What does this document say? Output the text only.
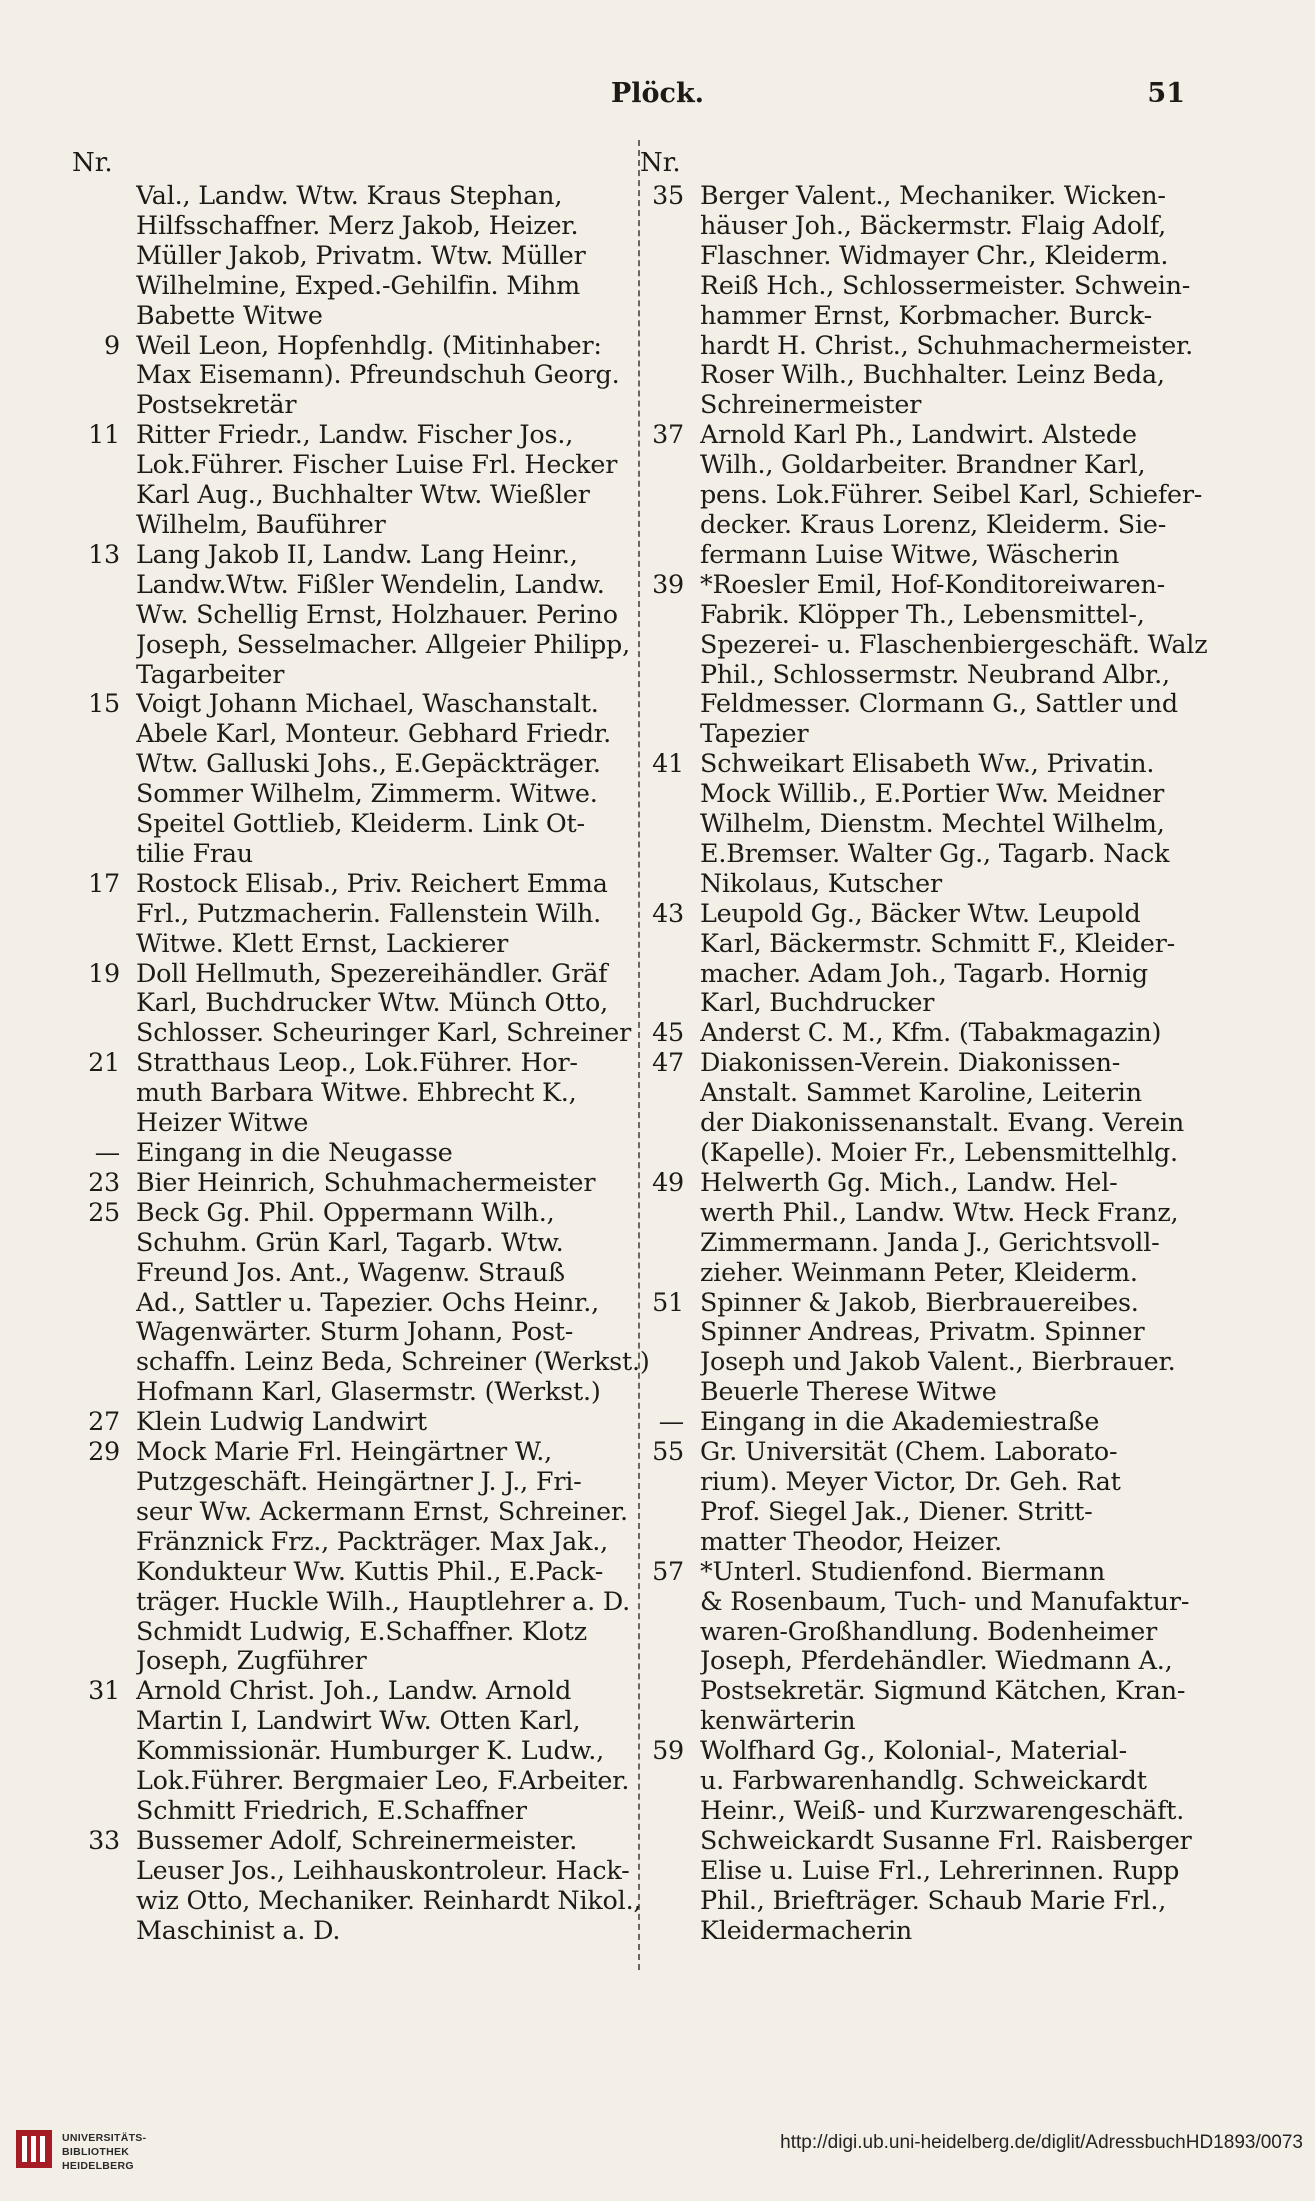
Plöck.	51
Nr.
Val., Landw. Wtw. Kraus Stephan,
Hilfsschaffner. Merz Jakob, Heizer.
Müller Jakob, Privatm. Wtw. Müller
Wilhelmine, Exped.-Gehilfin. Mihm
Babette Witwe
9 Weil Leon, Hopfenhdlg. (Mitinhaber:
Max Eisemann). Pfreundschuh Georg.
Postsekretär
11 Ritter Friedr., Landw. Fischer Jos.,
Lok.Führer. Fischer Luise Frl. Hecker
Karl Aug., Buchhalter Wtw. Wießler
Wilhelm, Bauführer
13 Lang Jakob II, Landw. Lang Heinr.,
Landw.Wtw. Fißler Wendelin, Landw.
Ww. Schellig Ernst, Holzhauer. Perino
Joseph, Sesselmacher. Allgeier Philipp,
Tagarbeiter
15 Voigt Johann Michael, Waschanstalt.
Abele Karl, Monteur. Gebhard Friedr.
Wtw. Galluski Johs., E.Gepäckträger.
Sommer Wilhelm, Zimmerm. Witwe.
Speitel Gottlieb, Kleiderm. Link Ot-
tilie Frau
17 Rostock Elisab., Priv. Reichert Emma
Frl., Putzmacherin. Fallenstein Wilh.
Witwe. Klett Ernst, Lackierer
19 Doll Hellmuth, Spezereihändler. Gräf
Karl, Buchdrucker Wtw. Münch Otto,
Schlosser. Scheuringer Karl, Schreiner
21 Stratthaus Leop., Lok.Führer. Hor-
muth Barbara Witwe. Ehbrecht K.,
Heizer Witwe
— Eingang in die Neugasse
23 Bier Heinrich, Schuhmachermeister
25 Beck Gg. Phil. Oppermann Wilh.,
Schuhm. Grün Karl, Tagarb. Wtw.
Freund Jos. Ant., Wagenw. Strauß
Ad., Sattler u. Tapezier. Ochs Heinr.,
Wagenwärter. Sturm Johann, Post-
schaffn. Leinz Beda, Schreiner (Werkst.)
Hofmann Karl, Glasermstr. (Werkst.)
27 Klein Ludwig Landwirt
29 Mock Marie Frl. Heingärtner W.,
Putzgeschäft. Heingärtner J. J., Fri-
seur Ww. Ackermann Ernst, Schreiner.
Fränznick Frz., Packträger. Max Jak.,
Kondukteur Ww. Kuttis Phil., E.Pack-
träger. Huckle Wilh., Hauptlehrer a. D.
Schmidt Ludwig, E.Schaffner. Klotz
Joseph, Zugführer
31 Arnold Christ. Joh., Landw. Arnold
Martin I, Landwirt Ww. Otten Karl,
Kommissionär. Humburger K. Ludw.,
Lok.Führer. Bergmaier Leo, F.Arbeiter.
Schmitt Friedrich, E.Schaffner
33 Bussemer Adolf, Schreinermeister.
Leuser Jos., Leihhauskontroleur. Hack-
wiz Otto, Mechaniker. Reinhardt Nikol.,
Maschinist a. D.
Nr.
35 Berger Valent., Mechaniker. Wicken-
häuser Joh., Bäckermstr. Flaig Adolf,
Flaschner. Widmayer Chr., Kleiderm.
Reiß Hch., Schlossermeister. Schwein-
hammer Ernst, Korbmacher. Burck-
hardt H. Christ., Schuhmachermeister.
Roser Wilh., Buchhalter. Leinz Beda,
Schreinermeister
37 Arnold Karl Ph., Landwirt. Alstede
Wilh., Goldarbeiter. Brandner Karl,
pens. Lok.Führer. Seibel Karl, Schiefer-
decker. Kraus Lorenz, Kleiderm. Sie-
fermann Luise Witwe, Wäscherin
39 *Roesler Emil, Hof-Konditoreiwaren-
Fabrik. Klöpper Th., Lebensmittel-,
Spezerei- u. Flaschenbiergeschäft. Walz
Phil., Schlossermstr. Neubrand Albr.,
Feldmesser. Clormann G., Sattler und
Tapezier
41 Schweikart Elisabeth Ww., Privatin.
Mock Willib., E.Portier Ww. Meidner
Wilhelm, Dienstm. Mechtel Wilhelm,
E.Bremser. Walter Gg., Tagarb. Nack
Nikolaus, Kutscher
43 Leupold Gg., Bäcker Wtw. Leupold
Karl, Bäckermstr. Schmitt F., Kleider-
macher. Adam Joh., Tagarb. Hornig
Karl, Buchdrucker
45 Anderst C. M., Kfm. (Tabakmagazin)
47 Diakonissen-Verein. Diakonissen-
Anstalt. Sammet Karoline, Leiterin
der Diakonissenanstalt. Evang. Verein
(Kapelle). Moier Fr., Lebensmittelhlg.
49 Helwerth Gg. Mich., Landw. Hel-
werth Phil., Landw. Wtw. Heck Franz,
Zimmermann. Janda J., Gerichtsvoll-
zieher. Weinmann Peter, Kleiderm.
51 Spinner & Jakob, Bierbrauereibes.
Spinner Andreas, Privatm. Spinner
Joseph und Jakob Valent., Bierbrauer.
Beuerle Therese Witwe
— Eingang in die Akademiestraße
55 Gr. Universität (Chem. Laborato-
rium). Meyer Victor, Dr. Geh. Rat
Prof. Siegel Jak., Diener. Stritt-
matter Theodor, Heizer.
57 *Unterl. Studienfond. Biermann
& Rosenbaum, Tuch- und Manufaktur-
waren-Großhandlung. Bodenheimer
Joseph, Pferdehändler. Wiedmann A.,
Postsekretär. Sigmund Kätchen, Kran-
kenwärterin
59 Wolfhard Gg., Kolonial-, Material-
u. Farbwarenhandlg. Schweickardt
Heinr., Weiß- und Kurzwarengeschäft.
Schweickardt Susanne Frl. Raisberger
Elise u. Luise Frl., Lehrerinnen. Rupp
Phil., Briefträger. Schaub Marie Frl.,
Kleidermacherin
UNIVERSITÄTS-
BIBLIOTHEK
HEIDELBERG
http://digi.ub.uni-heidelberg.de/diglit/AdressbuchHD1893/0073
